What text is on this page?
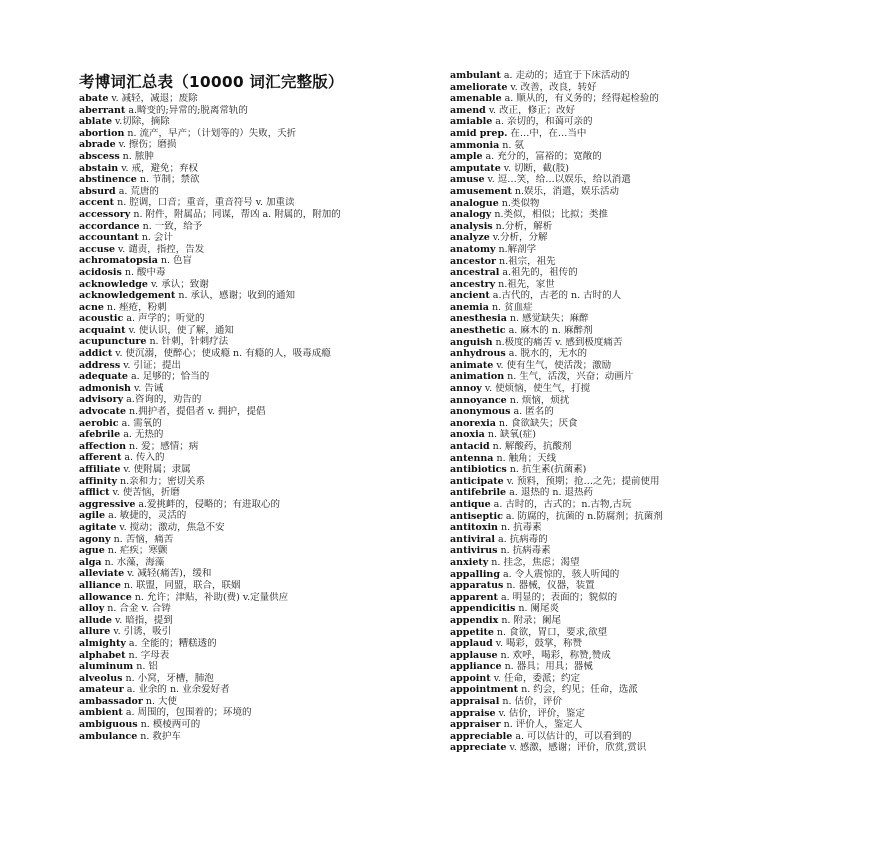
考博词汇总表（10000 词汇完整版）
abate v. 减轻，减退；废除
aberrant a.畸变的;异常的;脱离常轨的
ablate v.切除，摘除
abortion n. 流产，早产；（计划等的）失败，夭折
abrade v. 擦伤；磨损
abscess n. 脓肿
abstain v. 戒，避免；弃权
abstinence n. 节制；禁欲
absurd a. 荒唐的
accent n. 腔调，口音；重音，重音符号 v. 加重读
accessory n. 附件，附属品；同谋，帮凶 a. 附属的，附加的
accordance n. 一致，给予
accountant n. 会计
accuse v. 谴责，指控，告发
achromatopsia n. 色盲
acidosis n. 酸中毒
acknowledge v. 承认；致谢
acknowledgement n. 承认，感谢；收到的通知
acne n. 痤疮，粉刺
acoustic a. 声学的；听觉的
acquaint v. 使认识，使了解，通知
acupuncture n. 针刺，针刺疗法
addict v. 使沉溺，使醉心；使成瘾 n. 有瘾的人，吸毒成瘾
address v. 引证；提出
adequate a. 足够的；恰当的
admonish v. 告诫
advisory a.咨询的，劝告的
advocate n.拥护者，提倡者 v. 拥护，提倡
aerobic a. 需氧的
afebrile a. 无热的
affection n. 爱；感情；病
afferent a. 传入的
affiliate v. 使附属；隶属
affinity n.亲和力；密切关系
afflict v. 使苦恼，折磨
aggressive a.爱挑衅的，侵略的；有进取心的
agile a. 敏捷的，灵活的
agitate v. 搅动；激动，焦急不安
agony n. 苦恼，痛苦
ague n. 疟疾；寒颤
alga n. 水藻，海藻
alleviate v. 减轻(痛苦)，缓和
alliance n. 联盟，同盟，联合，联姻
allowance n. 允许；津贴，补助(费) v.定量供应
alloy n. 合金 v. 合铸
allude v. 暗指，提到
allure v. 引诱，吸引
almighty a. 全能的；糟糕透的
alphabet n. 字母表
aluminum n. 铝
alveolus n. 小窝，牙槽，肺泡
amateur a. 业余的 n. 业余爱好者
ambassador n. 大使
ambient a. 周围的，包围着的；环境的
ambiguous n. 模棱两可的
ambulance n. 救护车
ambulant a. 走动的；适宜于下床活动的
ameliorate v. 改善，改良，转好
amenable a. 顺从的，有义务的；经得起检验的
amend v. 改正，修正；改好
amiable a. 亲切的，和蔼可亲的
amid prep. 在…中，在…当中
ammonia n. 氨
ample a. 充分的，富裕的；宽敞的
amputate v. 切断，截(肢)
amuse v. 逗…笑，给…以娱乐，给以消遣
amusement n.娱乐，消遣，娱乐活动
analogue n.类似物
analogy n.类似，相似；比拟；类推
analysis n.分析，解析
analyze v.分析，分解
anatomy n.解剖学
ancestor n.祖宗，祖先
ancestral a.祖先的，祖传的
ancestry n.祖先，家世
ancient a.古代的，古老的 n. 古时的人
anemia n. 贫血症
anesthesia n. 感觉缺失；麻醉
anesthetic a. 麻木的 n. 麻醉剂
anguish n.极度的痛苦 v. 感到极度痛苦
anhydrous a. 脱水的，无水的
animate v. 使有生气，使活泼；激励
animation n. 生气，活泼，兴奋；动画片
annoy v. 使烦恼，使生气，打搅
annoyance n. 烦恼，烦扰
anonymous a. 匿名的
anorexia n. 食欲缺失；厌食
anoxia n. 缺氧(症)
antacid n. 解酸药，抗酸剂
antenna n. 触角；天线
antibiotics n. 抗生素(抗菌素)
anticipate v. 预料，预期；抢…之先；提前使用
antifebrile a. 退热的 n. 退热药
antique a. 古时的，古式的；n.古物,古玩
antiseptic a. 防腐的，抗菌的 n.防腐剂；抗菌剂
antitoxin n. 抗毒素
antiviral a. 抗病毒的
antivirus n. 抗病毒素
anxiety n. 挂念，焦虑；渴望
appalling a. 令人震惊的，骇人听闻的
apparatus n. 器械，仪器，装置
apparent a. 明显的；表面的；貌似的
appendicitis n. 阑尾炎
appendix n. 附录；阑尾
appetite n. 食欲，胃口，要求,欲望
applaud v. 喝彩，鼓掌，称赞
applause n. 欢呼，喝彩，称赞,赞成
appliance n. 器具；用具；器械
appoint v. 任命，委派；约定
appointment n. 约会，约见；任命，选派
appraisal n. 估价，评价
appraise v. 估价，评价，鉴定
appraiser n. 评价人，鉴定人
appreciable a. 可以估计的，可以看到的
appreciate v. 感激，感谢；评价，欣赏,赏识
